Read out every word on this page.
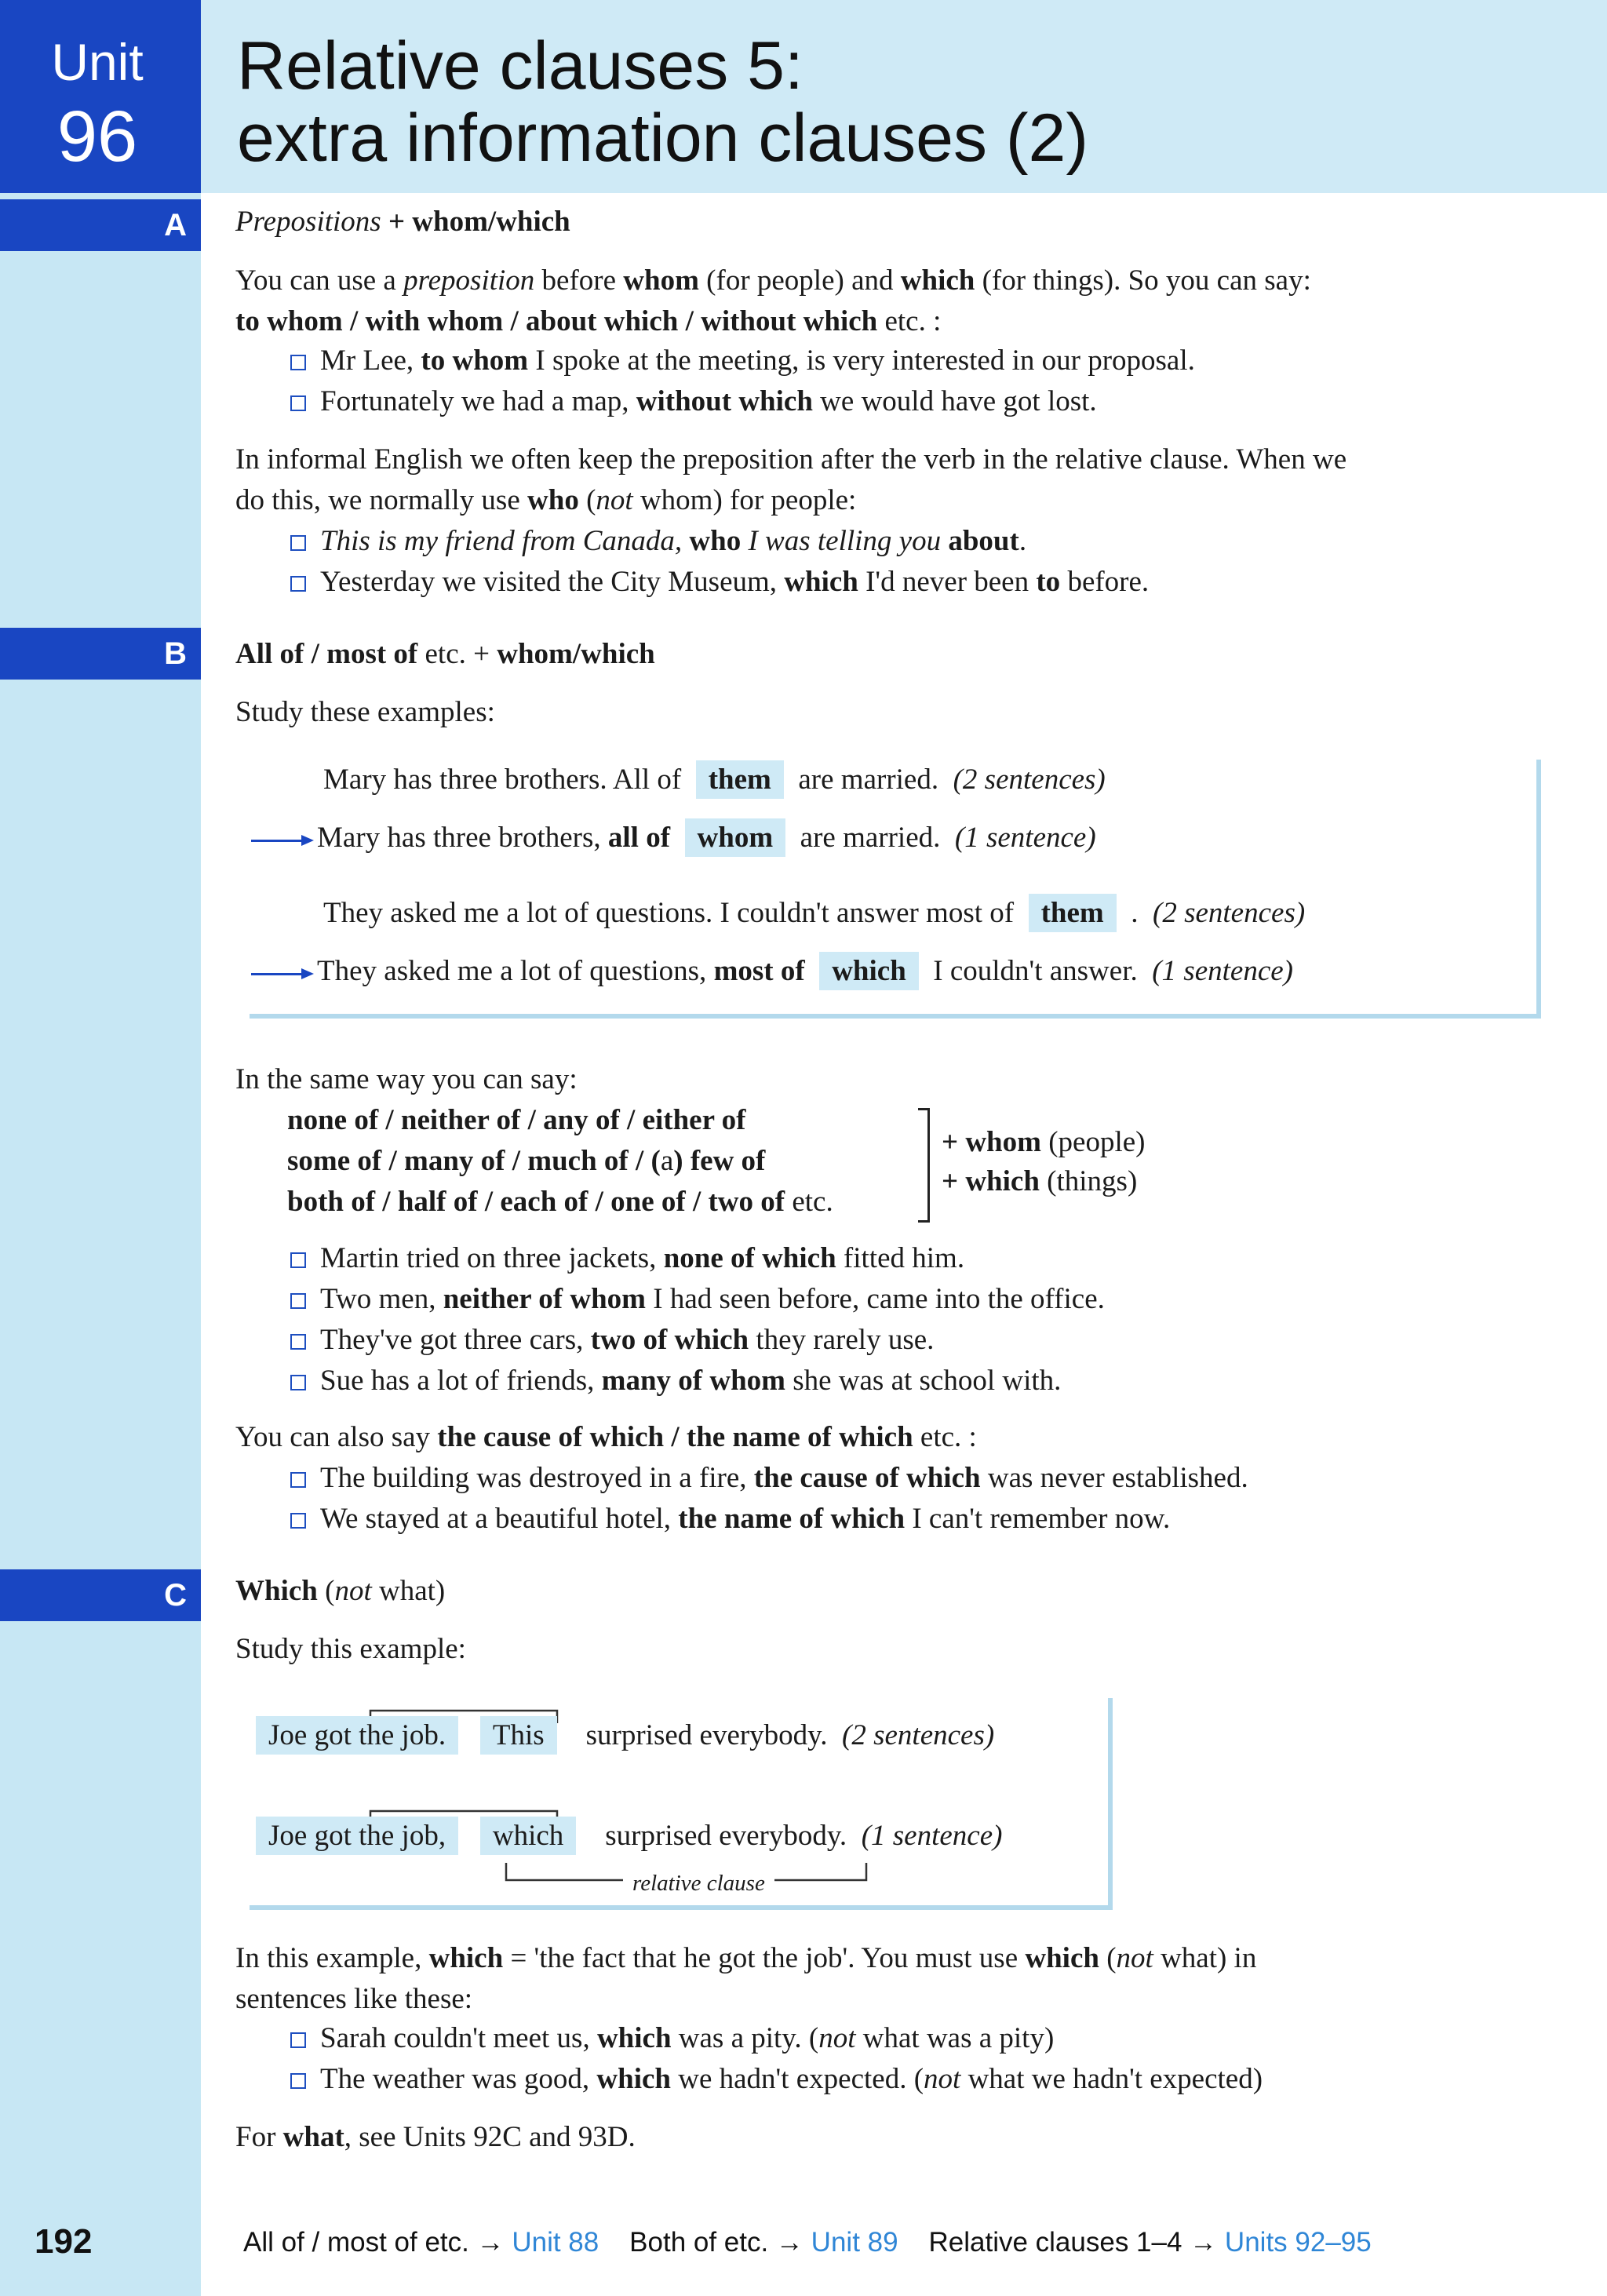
Unit
96
Relative clauses 5:
extra information clauses (2)
A	Prepositions + whom/which
You can use a preposition before whom (for people) and which (for things). So you can say:
to whom / with whom / about which / without which etc. :
Mr Lee, to whom I spoke at the meeting, is very interested in our proposal.
Fortunately we had a map, without which we would have got lost.
In informal English we often keep the preposition after the verb in the relative clause. When we
do this, we normally use who (not whom) for people:
This is my friend from Canada, who I was telling you about.
Yesterday we visited the City Museum, which I'd never been to before.
B	All of / most of etc. + whom/which
Study these examples:
Mary has three brothers. All of them are married. (2 sentences)
Mary has three brothers, all of whom are married. (1 sentence)
They asked me a lot of questions. I couldn't answer most of them . (2 sentences)
They asked me a lot of questions, most of which I couldn't answer. (1 sentence)
In the same way you can say:
none of / neither of / any of / either of
some of / many of / much of / (a) few of
both of / half of / each of / one of / two of etc.
+ whom (people)
+ which (things)
Martin tried on three jackets, none of which fitted him.
Two men, neither of whom I had seen before, came into the office.
They've got three cars, two of which they rarely use.
Sue has a lot of friends, many of whom she was at school with.
You can also say the cause of which / the name of which etc. :
The building was destroyed in a fire, the cause of which was never established.
We stayed at a beautiful hotel, the name of which I can't remember now.
C	Which (not what)
Study this example:
Joe got the job. This surprised everybody. (2 sentences)
Joe got the job, which surprised everybody. (1 sentence)
relative clause
In this example, which = 'the fact that he got the job'. You must use which (not what) in
sentences like these:
Sarah couldn't meet us, which was a pity. (not what was a pity)
The weather was good, which we hadn't expected. (not what we hadn't expected)
For what, see Units 92C and 93D.
192	All of / most of etc. → Unit 88 Both of etc. → Unit 89 Relative clauses 1–4 → Units 92–95
